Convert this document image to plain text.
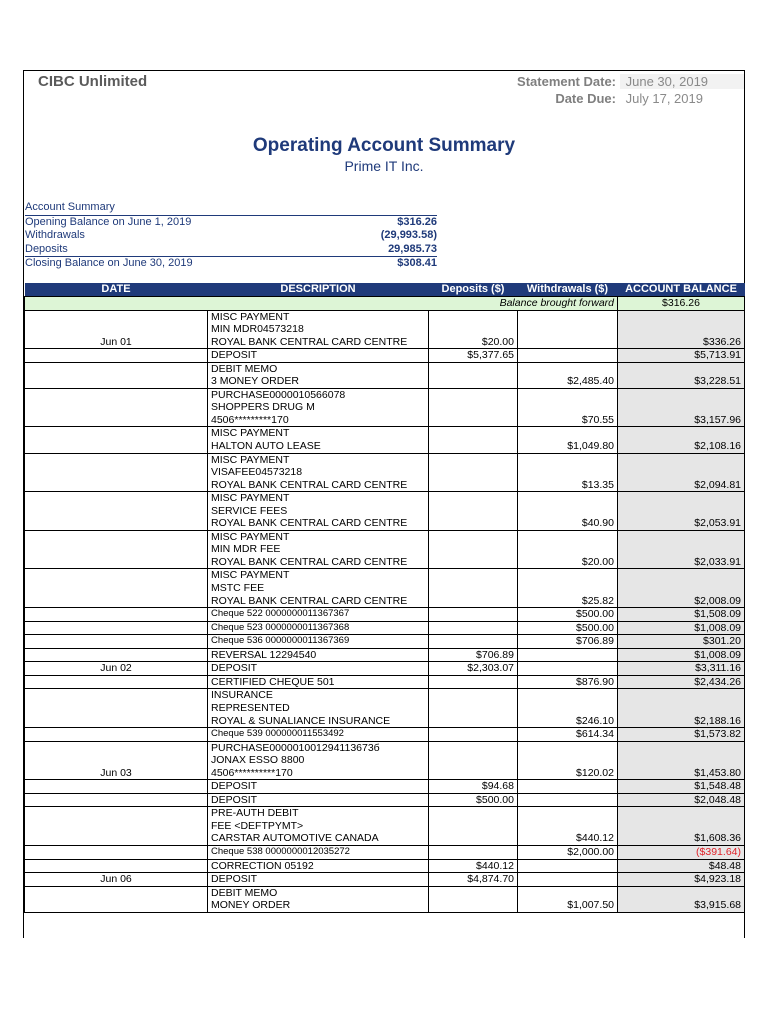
CIBC Unlimited	Statement Date: June 30, 2019
Date Due: July 17, 2019
Operating Account Summary
Prime IT Inc.
Account Summary
Opening Balance on June 1, 2019	$316.26
Withdrawals	(29,993.58)
Deposits	29,985.73
Closing Balance on June 30, 2019	$308.41
DATE	DESCRIPTION	Deposits ($)	Withdrawals ($)	ACCOUNT BALANCE
		Balance brought forward		$316.26
	MISC PAYMENT			
	MIN MDR04573218			
Jun 01	ROYAL BANK CENTRAL CARD CENTRE	$20.00		$336.26
	DEPOSIT	$5,377.65		$5,713.91
	DEBIT MEMO			
	3 MONEY ORDER		$2,485.40	$3,228.51
	PURCHASE0000010566078			
	SHOPPERS DRUG M			
	4506*********170		$70.55	$3,157.96
	MISC PAYMENT			
	HALTON AUTO LEASE		$1,049.80	$2,108.16
	MISC PAYMENT			
	VISAFEE04573218			
	ROYAL BANK CENTRAL CARD CENTRE		$13.35	$2,094.81
	MISC PAYMENT			
	SERVICE FEES			
	ROYAL BANK CENTRAL CARD CENTRE		$40.90	$2,053.91
	MISC PAYMENT			
	MIN MDR FEE			
	ROYAL BANK CENTRAL CARD CENTRE		$20.00	$2,033.91
	MISC PAYMENT			
	MSTC FEE			
	ROYAL BANK CENTRAL CARD CENTRE		$25.82	$2,008.09
	Cheque 522 0000000011367367		$500.00	$1,508.09
	Cheque 523 0000000011367368		$500.00	$1,008.09
	Cheque 536 0000000011367369		$706.89	$301.20
	REVERSAL 12294540	$706.89		$1,008.09
Jun 02	DEPOSIT	$2,303.07		$3,311.16
	CERTIFIED CHEQUE 501		$876.90	$2,434.26
	INSURANCE			
	REPRESENTED			
	ROYAL & SUNALIANCE INSURANCE		$246.10	$2,188.16
	Cheque 539 000000011553492		$614.34	$1,573.82
	PURCHASE000001001294113673б			
	JONAX ESSO 8800			
Jun 03	4506**********170		$120.02	$1,453.80
	DEPOSIT	$94.68		$1,548.48
	DEPOSIT	$500.00		$2,048.48
	PRE-AUTH DEBIT			
	FEE <DEFTPYMT>			
	CARSTAR AUTOMOTIVE CANADA		$440.12	$1,608.36
	Cheque 538 0000000012035272		$2,000.00	($391.64)
	CORRECTION 05192	$440.12		$48.48
Jun 06	DEPOSIT	$4,874.70		$4,923.18
	DEBIT MEMO			
	MONEY ORDER		$1,007.50	$3,915.68
